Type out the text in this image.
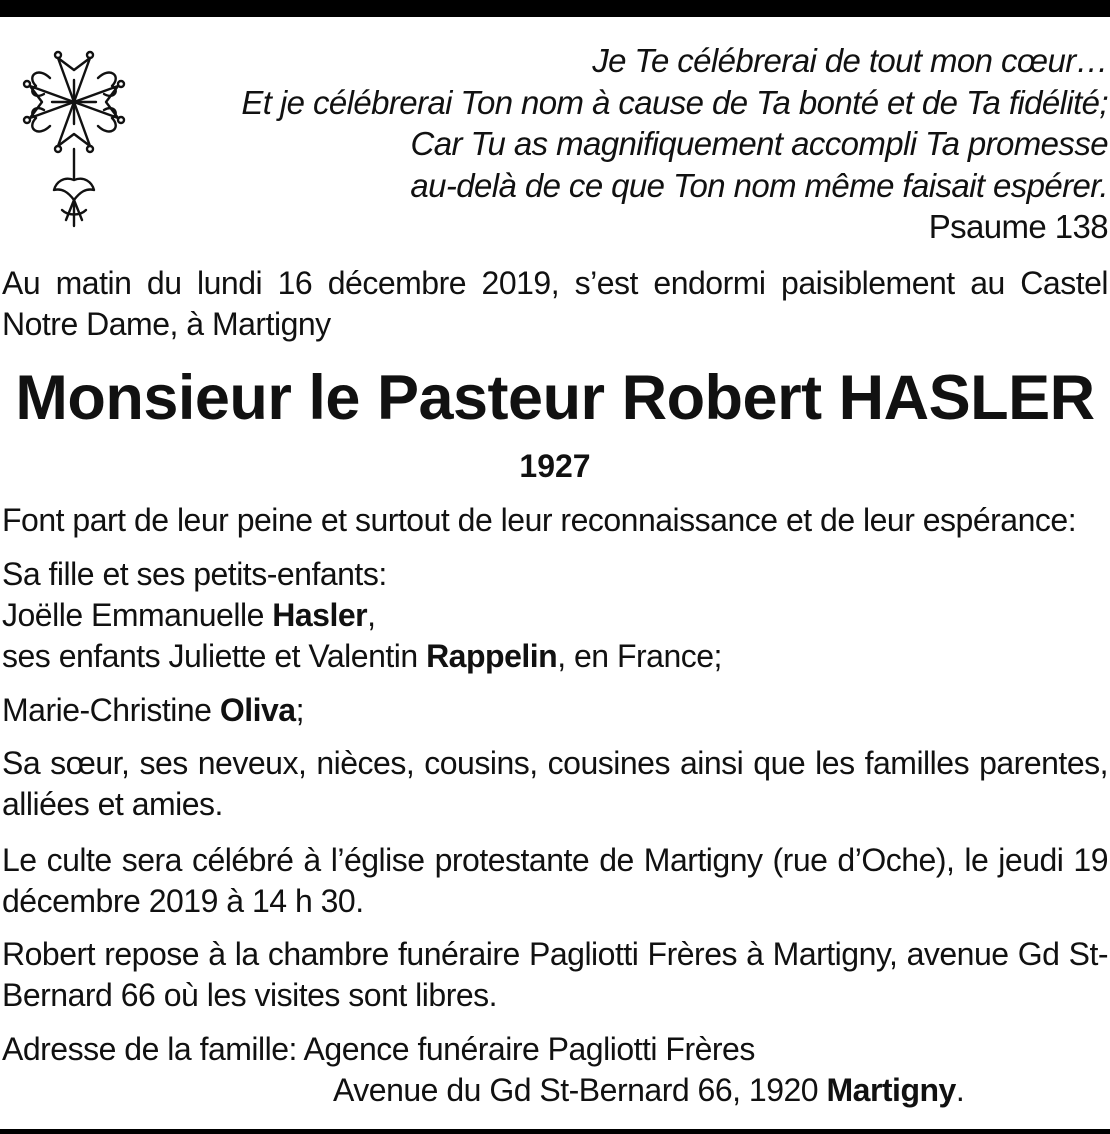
Je Te célébrerai de tout mon cœur…
Et je célébrerai Ton nom à cause de Ta bonté et de Ta fidélité;
Car Tu as magnifiquement accompli Ta promesse
au-delà de ce que Ton nom même faisait espérer.
Psaume 138
Au matin du lundi 16 décembre 2019, s’est endormi paisiblement au Castel Notre Dame, à Martigny
Monsieur le Pasteur Robert HASLER
1927
Font part de leur peine et surtout de leur reconnaissance et de leur espérance:
Sa fille et ses petits-enfants:
Joëlle Emmanuelle Hasler,
ses enfants Juliette et Valentin Rappelin, en France;
Marie-Christine Oliva;
Sa sœur, ses neveux, nièces, cousins, cousines ainsi que les familles parentes, alliées et amies.
Le culte sera célébré à l’église protestante de Martigny (rue d’Oche), le jeudi 19 décembre 2019 à 14 h 30.
Robert repose à la chambre funéraire Pagliotti Frères à Martigny, avenue Gd St-Bernard 66 où les visites sont libres.
Adresse de la famille: Agence funéraire Pagliotti Frères
Avenue du Gd St-Bernard 66, 1920 Martigny.
